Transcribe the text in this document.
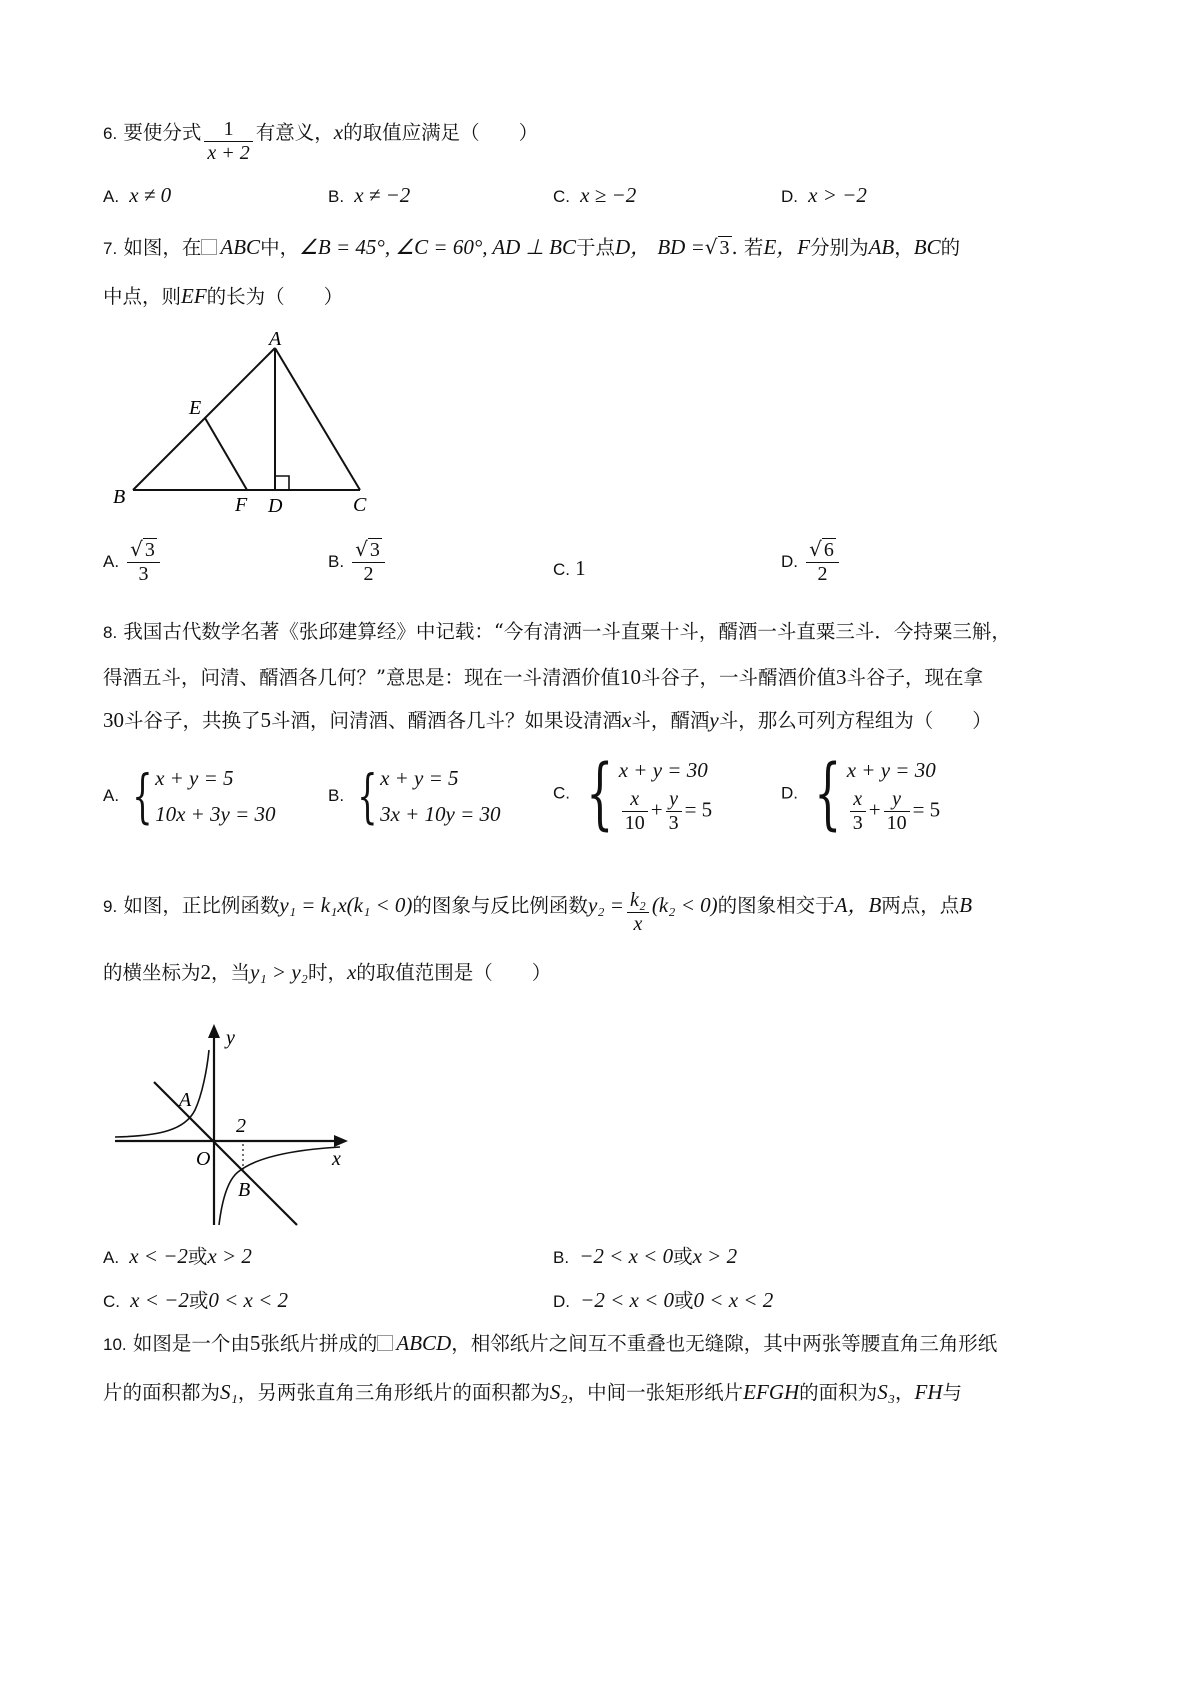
6. 要使分式 $\frac{1}{x + 2}$ 有意义，x的取值应满足（　　）
A. x ≠ 0	B. x ≠ −2	C. x ≥ −2	D. x > −2
7. 如图，在 ABC中，∠B = 45°, ∠C = 60°, AD ⊥ BC于点D， BD =√ 3 . 若E，F分别为AB，BC的
中点，则EF的长为（　　）
A
B	C
D
E
F
A. $\frac{√ 3}{3}$	B. $\frac{√ 3}{2}$	C. 1	D. $\frac{√ 6}{2}$
8. 我国古代数学名著《张邱建算经》中记载：“今有清洒一斗直粟十斗，醑酒一斗直粟三斗．今持粟三斛，
得酒五斗，问清、醑酒各几何？”意思是：现在一斗清酒价值10斗谷子，一斗醑酒价值3斗谷子，现在拿
30斗谷子，共换了5斗酒，问清酒、醑酒各几斗？如果设清酒x斗，醑酒y斗，那么可列方程组为（　　）
A. { x + y = 5
10x + 3y = 30
B. { x + y = 5
3x + 10y = 30
C. { x + y = 30
$\frac{x}{10} + \frac{y}{3} = 5$
D. { x + y = 30
$\frac{x}{3} + \frac{y}{10} = 5$
9. 如图，正比例函数y₁ = k₁x(k₁ < 0)的图象与反比例函数$y_2 = \frac{\text{k₂}}{x} (k_2 < 0)$的图象相交于A，B两点，点B
的横坐标为2，当y₁ > y₂时，x的取值范围是（　　）
y
x
O
A
B
2
A. x < −2或x > 2	B. −2 < x < 0或x > 2
C. x < −2或0 < x < 2	D. −2 < x < 0或0 < x < 2
10. 如图是一个由5张纸片拼成的 ABCD，相邻纸片之间互不重叠也无缝隙，其中两张等腰直角三角形纸
片的面积都为S₁，另两张直角三角形纸片的面积都为S₂，中间一张矩形纸片EFGH的面积为S₃，FH与
